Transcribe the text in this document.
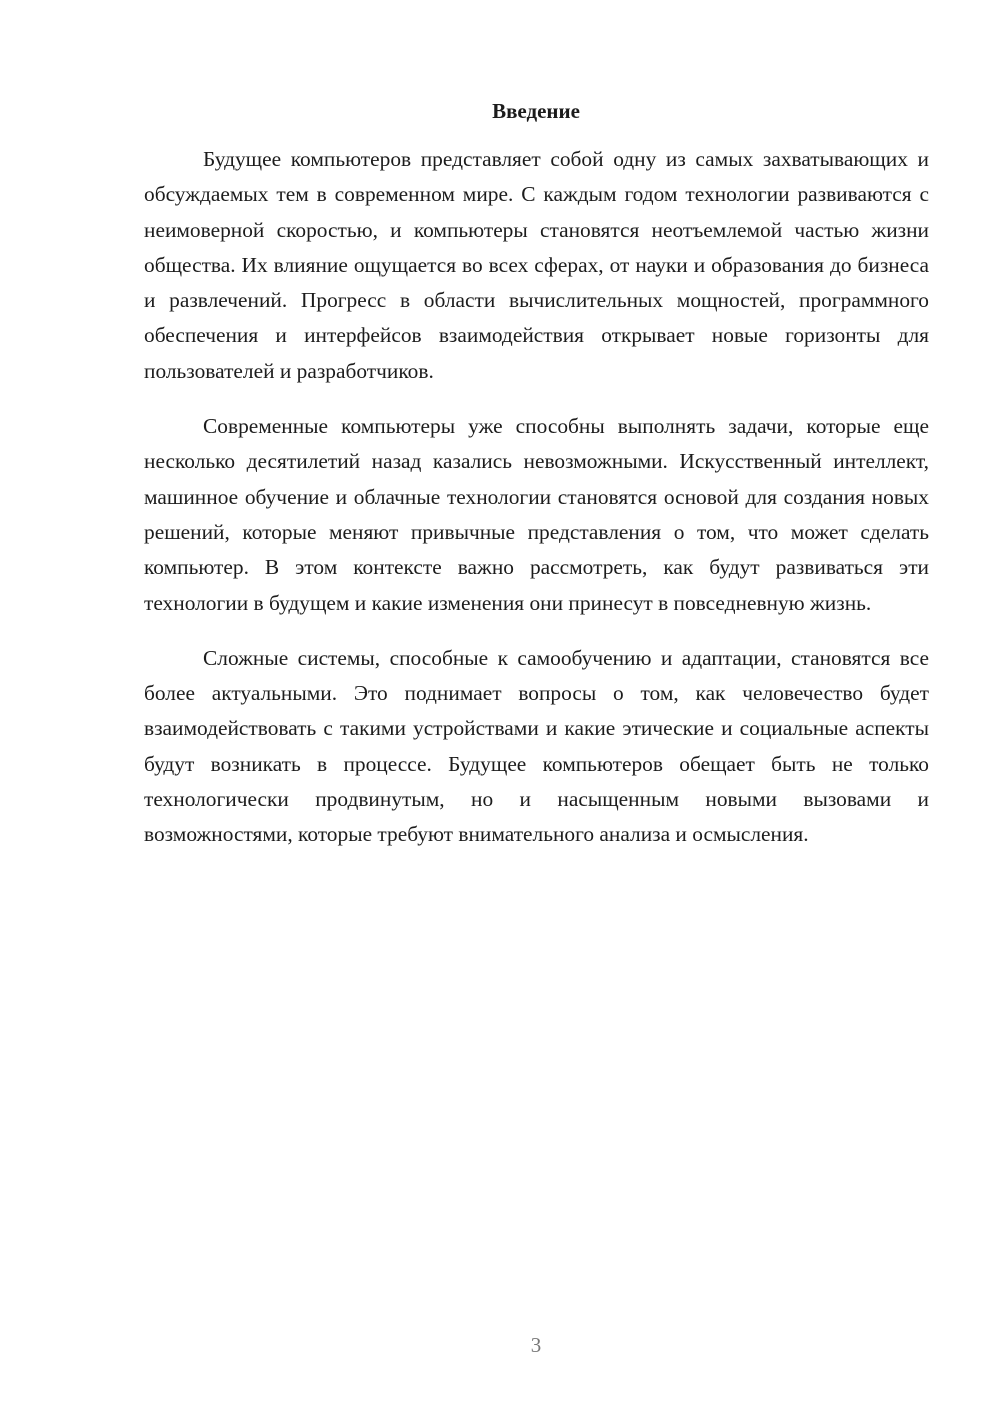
Введение

Будущее компьютеров представляет собой одну из самых захватывающих и обсуждаемых тем в современном мире. С каждым годом технологии развиваются с неимоверной скоростью, и компьютеры становятся неотъемлемой частью жизни общества. Их влияние ощущается во всех сферах, от науки и образования до бизнеса и развлечений. Прогресс в области вычислительных мощностей, программного обеспечения и интерфейсов взаимодействия открывает новые горизонты для пользователей и разработчиков.

Современные компьютеры уже способны выполнять задачи, которые еще несколько десятилетий назад казались невозможными. Искусственный интеллект, машинное обучение и облачные технологии становятся основой для создания новых решений, которые меняют привычные представления о том, что может сделать компьютер. В этом контексте важно рассмотреть, как будут развиваться эти технологии в будущем и какие изменения они принесут в повседневную жизнь.

Сложные системы, способные к самообучению и адаптации, становятся все более актуальными. Это поднимает вопросы о том, как человечество будет взаимодействовать с такими устройствами и какие этические и социальные аспекты будут возникать в процессе. Будущее компьютеров обещает быть не только технологически продвинутым, но и насыщенным новыми вызовами и возможностями, которые требуют внимательного анализа и осмысления.

3
